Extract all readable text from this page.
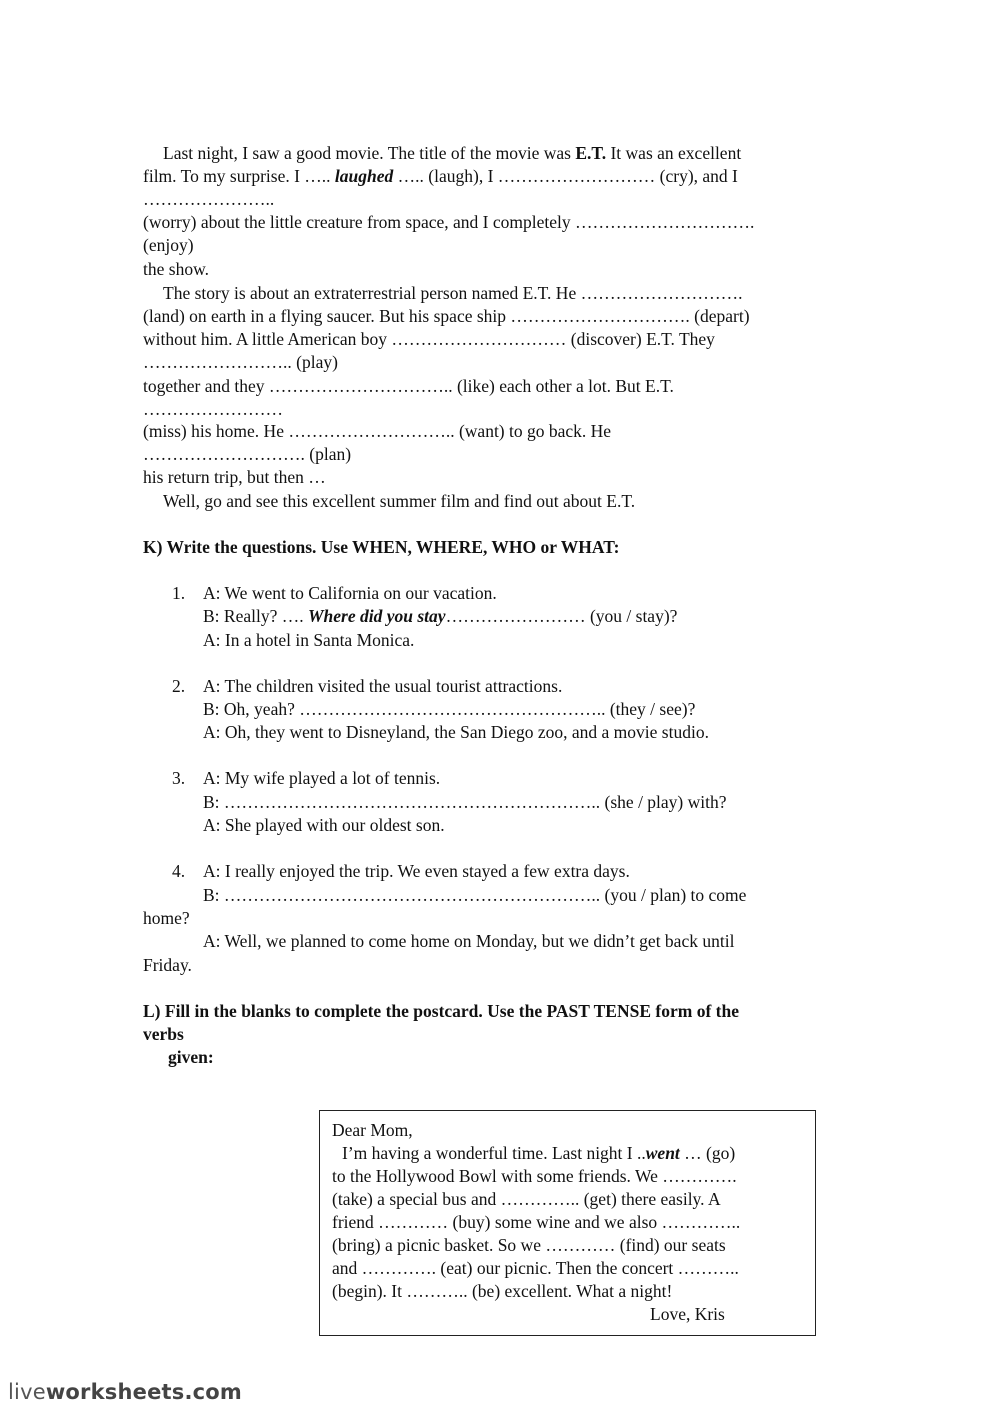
Last night, I saw a good movie. The title of the movie was E.T. It was an excellent
film. To my surprise. I ….. laughed ….. (laugh), I ……………………… (cry), and I
…………………..
(worry) about the little creature from space, and I completely ………………………….
(enjoy)
the show.
The story is about an extraterrestrial person named E.T. He ……………………….
(land) on earth in a flying saucer. But his space ship …………………………. (depart)
without him. A little American boy ………………………… (discover) E.T. They
…………………….. (play)
together and they ………………………….. (like) each other a lot. But E.T.
……………………
(miss) his home. He ……………………….. (want) to go back. He
………………………. (plan)
his return trip, but then …
Well, go and see this excellent summer film and find out about E.T.
K) Write the questions. Use WHEN, WHERE, WHO or WHAT:
1. A: We went to California on our vacation.
B: Really? …. Where did you stay…………………… (you / stay)?
A: In a hotel in Santa Monica.
2. A: The children visited the usual tourist attractions.
B: Oh, yeah? …………………………………………….. (they / see)?
A: Oh, they went to Disneyland, the San Diego zoo, and a movie studio.
3. A: My wife played a lot of tennis.
B: ……………………………………………………….. (she / play) with?
A: She played with our oldest son.
4. A: I really enjoyed the trip. We even stayed a few extra days.
B: ……………………………………………………….. (you / plan) to come
home?
A: Well, we planned to come home on Monday, but we didn’t get back until
Friday.
L) Fill in the blanks to complete the postcard. Use the PAST TENSE form of the
verbs
given:
Dear Mom,
I’m having a wonderful time. Last night I ..went … (go)
to the Hollywood Bowl with some friends. We ………….
(take) a special bus and ………….. (get) there easily. A
friend ………… (buy) some wine and we also …………..
(bring) a picnic basket. So we ………… (find) our seats
and …………. (eat) our picnic. Then the concert ………..
(begin). It ……….. (be) excellent. What a night!
Love, Kris
liveworksheets.com
